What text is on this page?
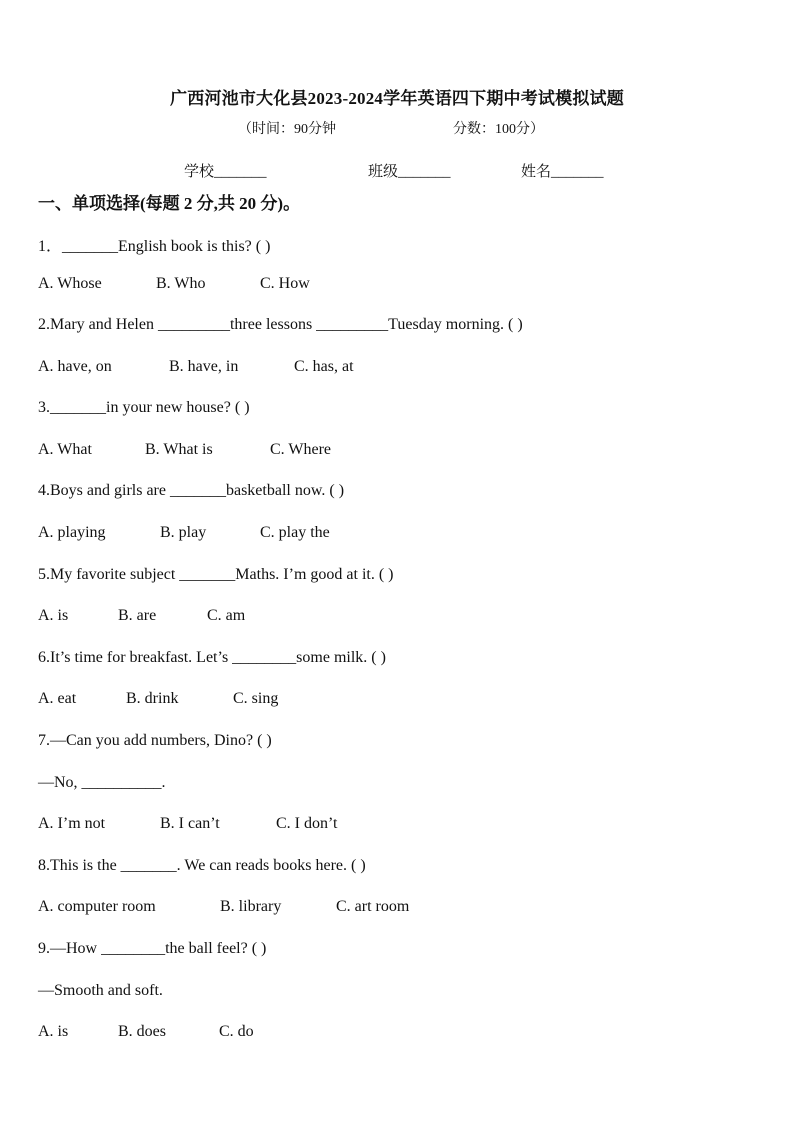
广西河池市大化县2023-2024学年英语四下期中考试模拟试题
（时间：90分钟	分数：100分）
学校_______	班级_______	姓名_______
一、单项选择(每题 2 分,共 20 分)。
1．_______English book is this? ( )
A. Whose	B. Who	C. How
2.Mary and Helen _________three lessons _________Tuesday morning. ( )
A. have, on	B. have, in	C. has, at
3._______in your new house? ( )
A. What	B. What is	C. Where
4.Boys and girls are _______basketball now. ( )
A. playing	B. play	C. play the
5.My favorite subject _______Maths. I’m good at it. ( )
A. is	B. are	C. am
6.It’s time for breakfast. Let’s ________some milk. ( )
A. eat	B. drink	C. sing
7.—Can you add numbers, Dino? ( )
—No, __________.
A. I’m not	B. I can’t	C. I don’t
8.This is the _______. We can reads books here. ( )
A. computer room	B. library	C. art room
9.—How ________the ball feel? ( )
—Smooth and soft.
A. is	B. does	C. do
